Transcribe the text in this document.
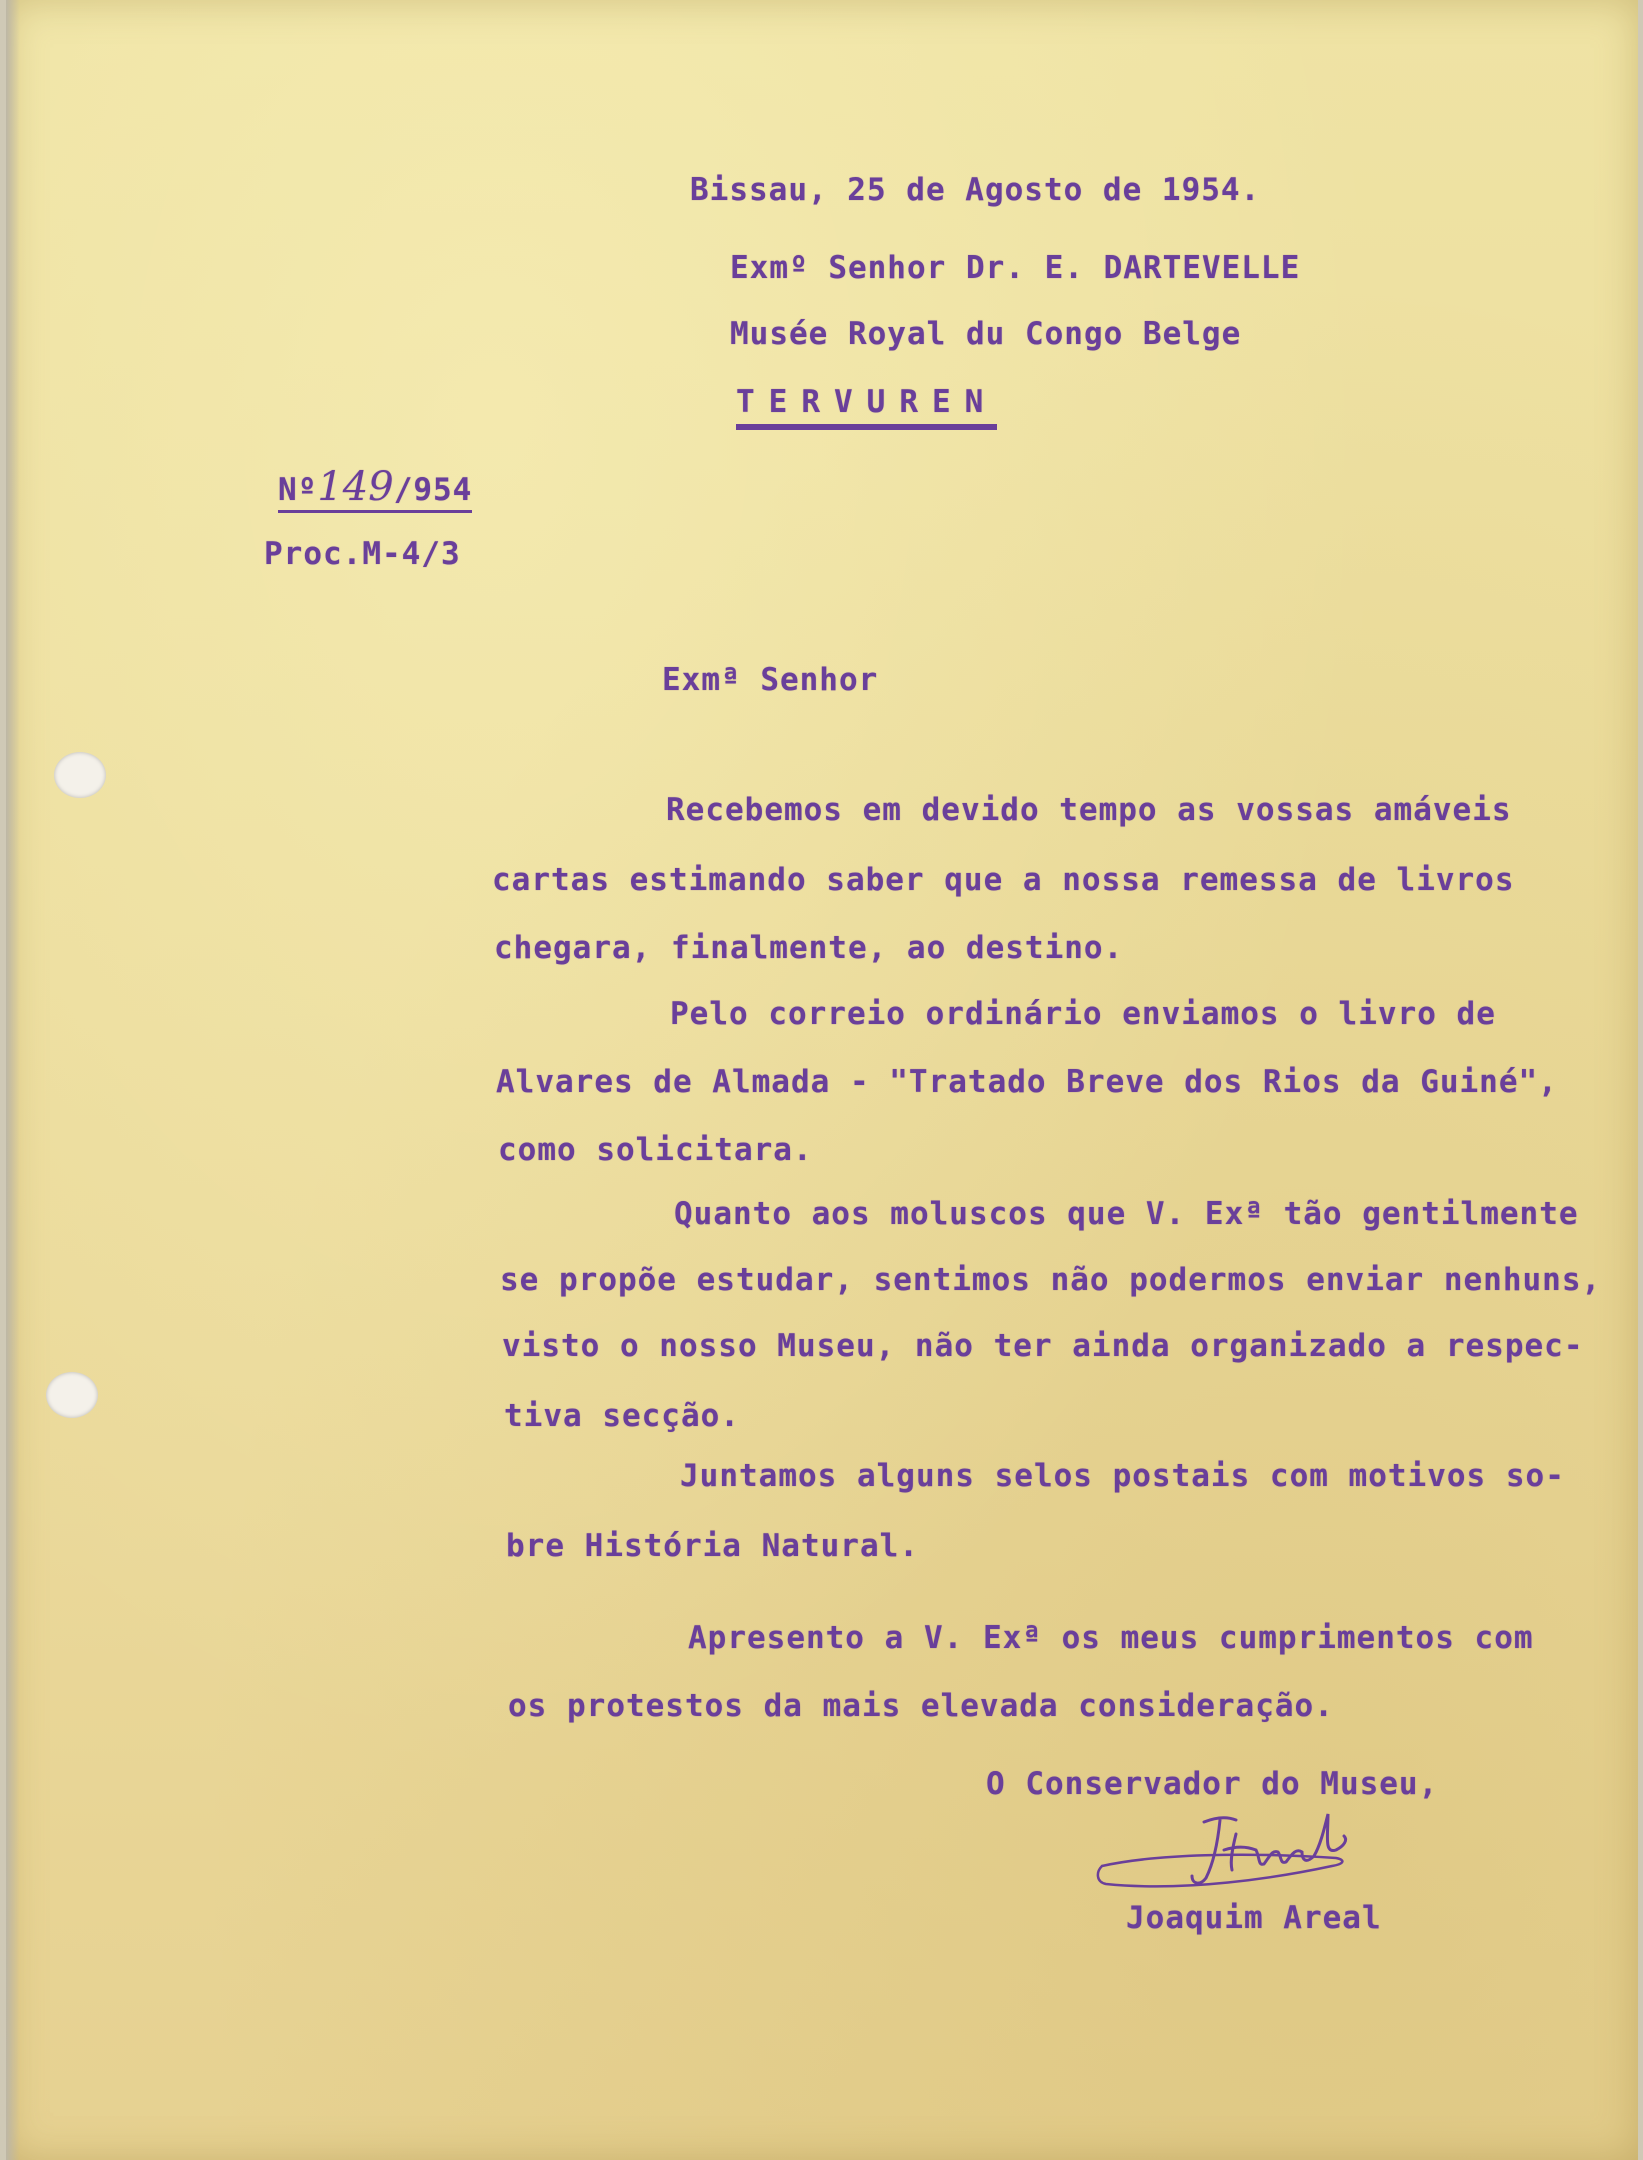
Bissau, 25 de Agosto de 1954.
Exmº Senhor Dr. E. DARTEVELLE
Musée Royal du Congo Belge
TERVUREN
Nº149/954
Proc.M-4/3
Exmª Senhor
Recebemos em devido tempo as vossas amáveis
cartas estimando saber que a nossa remessa de livros
chegara, finalmente, ao destino.
Pelo correio ordinário enviamos o livro de
Alvares de Almada - "Tratado Breve dos Rios da Guiné",
como solicitara.
Quanto aos moluscos que V. Exª tão gentilmente
se propõe estudar, sentimos não podermos enviar nenhuns,
visto o nosso Museu, não ter ainda organizado a respec-
tiva secção.
Juntamos alguns selos postais com motivos so-
bre História Natural.
Apresento a V. Exª os meus cumprimentos com
os protestos da mais elevada consideração.
O Conservador do Museu,
Joaquim Areal
